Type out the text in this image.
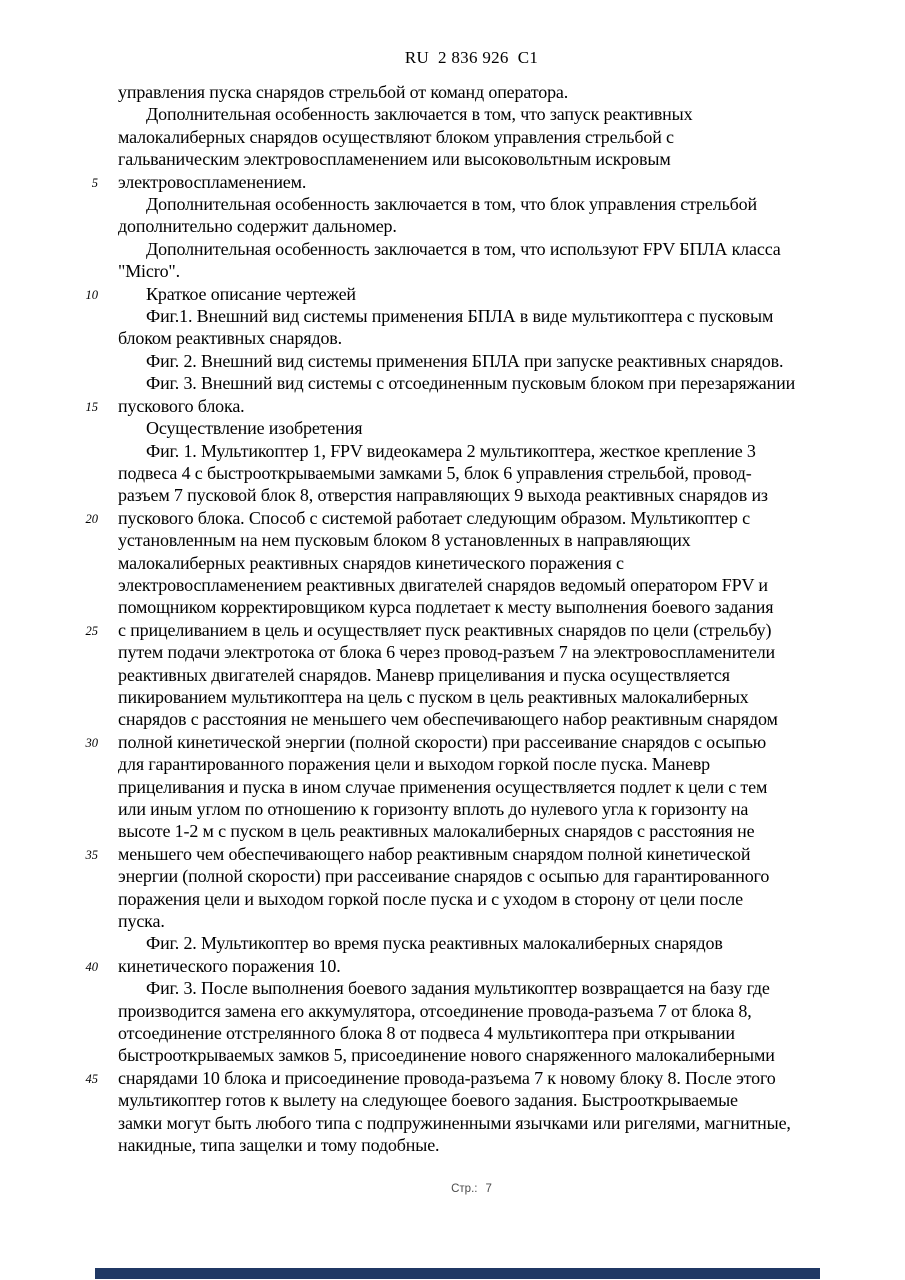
RU 2 836 926 C1
управления пуска снарядов стрельбой от команд оператора.
Дополнительная особенность заключается в том, что запуск реактивных
малокалиберных снарядов осуществляют блоком управления стрельбой с
гальваническим электровоспламенением или высоковольтным искровым
5 электровоспламенением.
Дополнительная особенность заключается в том, что блок управления стрельбой
дополнительно содержит дальномер.
Дополнительная особенность заключается в том, что используют FPV БПЛА класса
"Micro".
10	Краткое описание чертежей
Фиг.1. Внешний вид системы применения БПЛА в виде мультикоптера с пусковым
блоком реактивных снарядов.
Фиг. 2. Внешний вид системы применения БПЛА при запуске реактивных снарядов.
Фиг. 3. Внешний вид системы с отсоединенным пусковым блоком при перезаряжании
15 пускового блока.
Осуществление изобретения
Фиг. 1. Мультикоптер 1, FPV видеокамера 2 мультикоптера, жесткое крепление 3
подвеса 4 с быстрооткрываемыми замками 5, блок 6 управления стрельбой, провод-
разъем 7 пусковой блок 8, отверстия направляющих 9 выхода реактивных снарядов из
20 пускового блока. Способ с системой работает следующим образом. Мультикоптер с
установленным на нем пусковым блоком 8 установленных в направляющих
малокалиберных реактивных снарядов кинетического поражения с
электровоспламенением реактивных двигателей снарядов ведомый оператором FPV и
помощником корректировщиком курса подлетает к месту выполнения боевого задания
25 с прицеливанием в цель и осуществляет пуск реактивных снарядов по цели (стрельбу)
путем подачи электротока от блока 6 через провод-разъем 7 на электровоспламенители
реактивных двигателей снарядов. Маневр прицеливания и пуска осуществляется
пикированием мультикоптера на цель с пуском в цель реактивных малокалиберных
снарядов с расстояния не меньшего чем обеспечивающего набор реактивным снарядом
30 полной кинетической энергии (полной скорости) при рассеивание снарядов с осыпью
для гарантированного поражения цели и выходом горкой после пуска. Маневр
прицеливания и пуска в ином случае применения осуществляется подлет к цели с тем
или иным углом по отношению к горизонту вплоть до нулевого угла к горизонту на
высоте 1-2 м с пуском в цель реактивных малокалиберных снарядов с расстояния не
35 меньшего чем обеспечивающего набор реактивным снарядом полной кинетической
энергии (полной скорости) при рассеивание снарядов с осыпью для гарантированного
поражения цели и выходом горкой после пуска и с уходом в сторону от цели после
пуска.
Фиг. 2. Мультикоптер во время пуска реактивных малокалиберных снарядов
40 кинетического поражения 10.
Фиг. 3. После выполнения боевого задания мультикоптер возвращается на базу где
производится замена его аккумулятора, отсоединение провода-разъема 7 от блока 8,
отсоединение отстрелянного блока 8 от подвеса 4 мультикоптера при открывании
быстрооткрываемых замков 5, присоединение нового снаряженного малокалиберными
45 снарядами 10 блока и присоединение провода-разъема 7 к новому блоку 8. После этого
мультикоптер готов к вылету на следующее боевого задания. Быстрооткрываемые
замки могут быть любого типа с подпружиненными язычками или ригелями, магнитные,
накидные, типа защелки и тому подобные.
Стр.: 7
